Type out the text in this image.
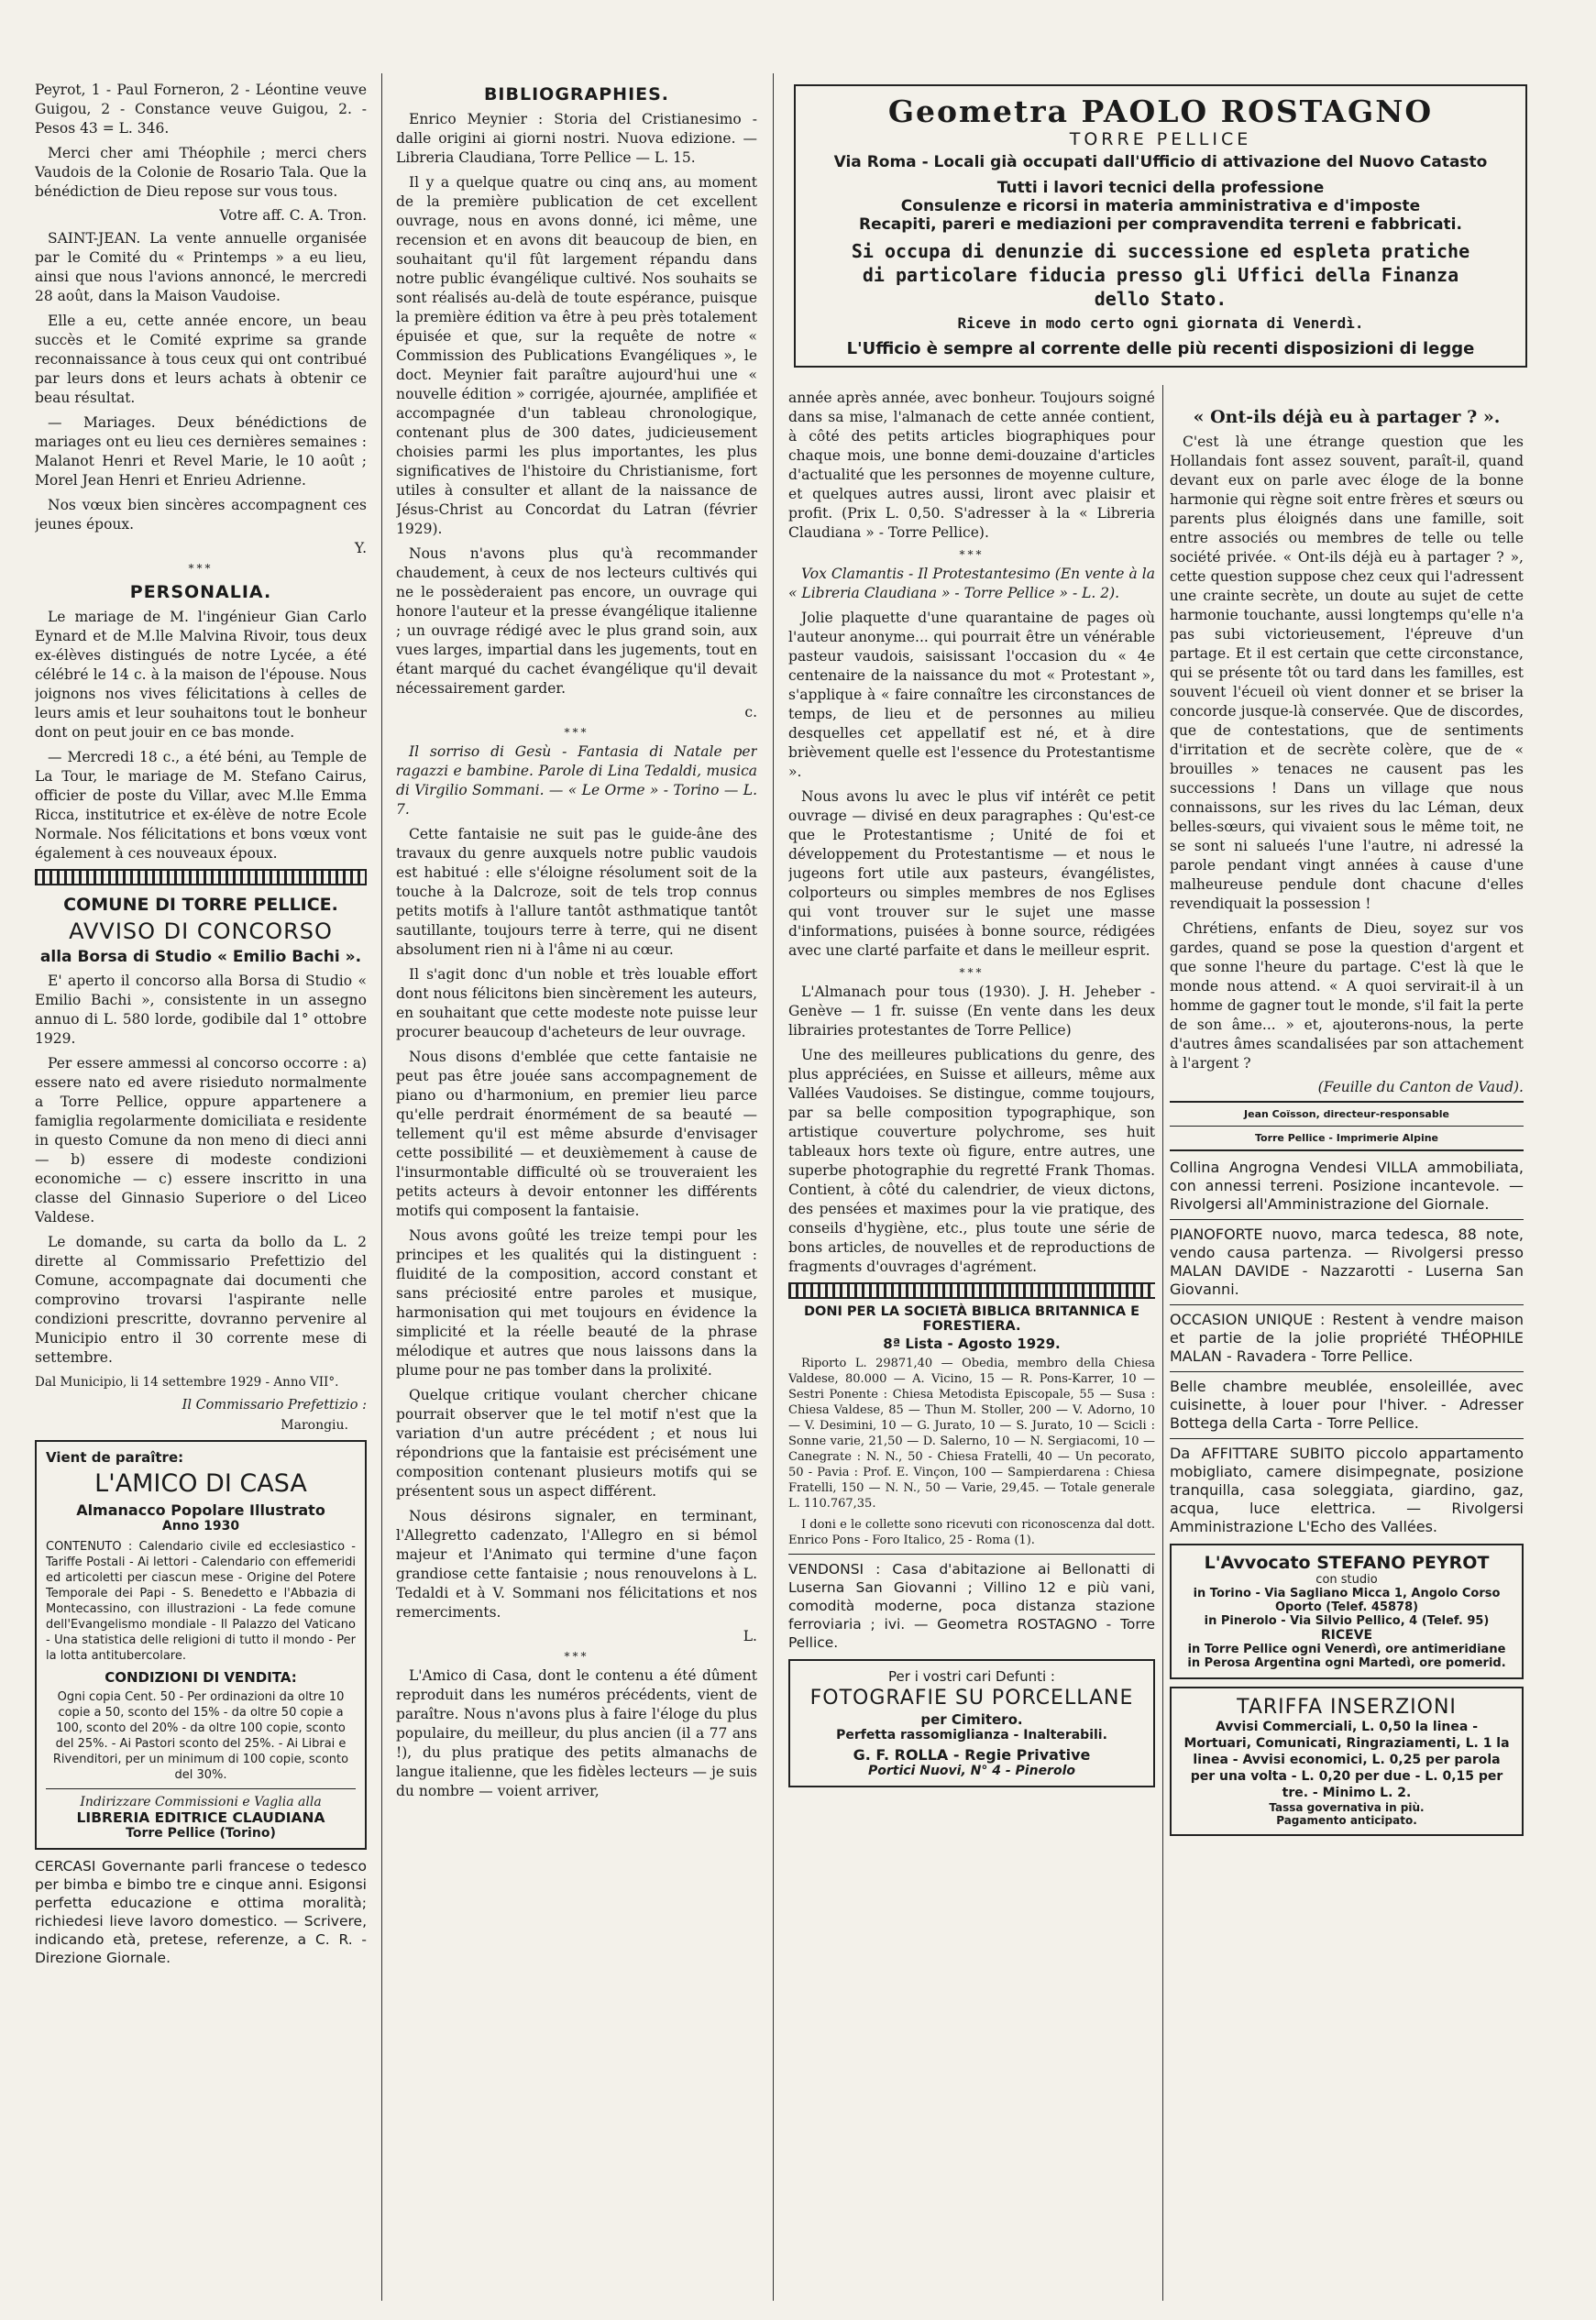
Peyrot, 1 - Paul Forneron, 2 - Léontine veuve Guigou, 2 - Constance veuve Guigou, 2. - Pesos 43 = L. 346.

Merci cher ami Théophile ; merci chers Vaudois de la Colonie de Rosario Tala. Que la bénédiction de Dieu repose sur vous tous.

Votre aff. C. A. Tron.

SAINT-JEAN. La vente annuelle organisée par le Comité du « Printemps » a eu lieu, ainsi que nous l'avions annoncé, le mercredi 28 août, dans la Maison Vaudoise.

Elle a eu, cette année encore, un beau succès et le Comité exprime sa grande reconnaissance à tous ceux qui ont contribué par leurs dons et leurs achats à obtenir ce beau résultat.

— Mariages. Deux bénédictions de mariages ont eu lieu ces dernières semaines : Malanot Henri et Revel Marie, le 10 août ; Morel Jean Henri et Enrieu Adrienne.

Nos vœux bien sincères accompagnent ces jeunes époux.

Y.
***
PERSONALIA.

Le mariage de M. l'ingénieur Gian Carlo Eynard et de M.lle Malvina Rivoir, tous deux ex-élèves distingués de notre Lycée, a été célébré le 14 c. à la maison de l'épouse. Nous joignons nos vives félicitations à celles de leurs amis et leur souhaitons tout le bonheur dont on peut jouir en ce bas monde.

— Mercredi 18 c., a été béni, au Temple de La Tour, le mariage de M. Stefano Cairus, officier de poste du Villar, avec M.lle Emma Ricca, institutrice et ex-élève de notre Ecole Normale. Nos félicitations et bons vœux vont également à ces nouveaux époux.

COMUNE DI TORRE PELLICE.
AVVISO DI CONCORSO
alla Borsa di Studio « Emilio Bachi ».

E' aperto il concorso alla Borsa di Studio « Emilio Bachi », consistente in un assegno annuo di L. 580 lorde, godibile dal 1° ottobre 1929.

Per essere ammessi al concorso occorre : a) essere nato ed avere risieduto normalmente a Torre Pellice, oppure appartenere a famiglia regolarmente domiciliata e residente in questo Comune da non meno di dieci anni — b) essere di modeste condizioni economiche — c) essere inscritto in una classe del Ginnasio Superiore o del Liceo Valdese.

Le domande, su carta da bollo da L. 2 dirette al Commissario Prefettizio del Comune, accompagnate dai documenti che comprovino trovarsi l'aspirante nelle condizioni prescritte, dovranno pervenire al Municipio entro il 30 corrente mese di settembre.

Dal Municipio, li 14 settembre 1929 - Anno VII°.

Il Commissario Prefettizio :
Marongiu.
Vient de paraître:
L'AMICO DI CASA
Almanacco Popolare Illustrato
Anno 1930

CONTENUTO : Calendario civile ed ecclesiastico - Tariffe Postali - Ai lettori - Calendario con effemeridi ed articoletti per ciascun mese - Origine del Potere Temporale dei Papi - S. Benedetto e l'Abbazia di Montecassino, con illustrazioni - La fede comune dell'Evangelismo mondiale - Il Palazzo del Vaticano - Una statistica delle religioni di tutto il mondo - Per la lotta antitubercolare.

CONDIZIONI DI VENDITA:

Ogni copia Cent. 50 - Per ordinazioni da oltre 10 copie a 50, sconto del 15% - da oltre 50 copie a 100, sconto del 20% - da oltre 100 copie, sconto del 25%. - Ai Pastori sconto del 25%. - Ai Librai e Rivenditori, per un minimum di 100 copie, sconto del 30%.

Indirizzare Commissioni e Vaglia alla
LIBRERIA EDITRICE CLAUDIANA
Torre Pellice (Torino)

CERCASI Governante parli francese o tedesco per bimba e bimbo tre e cinque anni. Esigonsi perfetta educazione e ottima moralità; richiedesi lieve lavoro domestico. — Scrivere, indicando età, pretese, referenze, a C. R. - Direzione Giornale.

BIBLIOGRAPHIES.

Enrico Meynier : Storia del Cristianesimo - dalle origini ai giorni nostri. Nuova edizione. — Libreria Claudiana, Torre Pellice — L. 15.

Il y a quelque quatre ou cinq ans, au moment de la première publication de cet excellent ouvrage, nous en avons donné, ici même, une recension et en avons dit beaucoup de bien, en souhaitant qu'il fût largement répandu dans notre public évangélique cultivé. Nos souhaits se sont réalisés au-delà de toute espérance, puisque la première édition va être à peu près totalement épuisée et que, sur la requête de notre « Commission des Publications Evangéliques », le doct. Meynier fait paraître aujourd'hui une « nouvelle édition » corrigée, ajournée, amplifiée et accompagnée d'un tableau chronologique, contenant plus de 300 dates, judicieusement choisies parmi les plus importantes, les plus significatives de l'histoire du Christianisme, fort utiles à consulter et allant de la naissance de Jésus-Christ au Concordat du Latran (février 1929).

Nous n'avons plus qu'à recommander chaudement, à ceux de nos lecteurs cultivés qui ne le possèderaient pas encore, un ouvrage qui honore l'auteur et la presse évangélique italienne ; un ouvrage rédigé avec le plus grand soin, aux vues larges, impartial dans les jugements, tout en étant marqué du cachet évangélique qu'il devait nécessairement garder.

c.
***

Il sorriso di Gesù - Fantasia di Natale per ragazzi e bambine. Parole di Lina Tedaldi, musica di Virgilio Sommani. — « Le Orme » - Torino — L. 7.

Cette fantaisie ne suit pas le guide-âne des travaux du genre auxquels notre public vaudois est habitué : elle s'éloigne résolument soit de la touche à la Dalcroze, soit de tels trop connus petits motifs à l'allure tantôt asthmatique tantôt sautillante, toujours terre à terre, qui ne disent absolument rien ni à l'âme ni au cœur.

Il s'agit donc d'un noble et très louable effort dont nous félicitons bien sincèrement les auteurs, en souhaitant que cette modeste note puisse leur procurer beaucoup d'acheteurs de leur ouvrage.

Nous disons d'emblée que cette fantaisie ne peut pas être jouée sans accompagnement de piano ou d'harmonium, en premier lieu parce qu'elle perdrait énormément de sa beauté — tellement qu'il est même absurde d'envisager cette possibilité — et deuxièmement à cause de l'insurmontable difficulté où se trouveraient les petits acteurs à devoir entonner les différents motifs qui composent la fantaisie.

Nous avons goûté les treize tempi pour les principes et les qualités qui la distinguent : fluidité de la composition, accord constant et sans préciosité entre paroles et musique, harmonisation qui met toujours en évidence la simplicité et la réelle beauté de la phrase mélodique et autres que nous laissons dans la plume pour ne pas tomber dans la prolixité.

Quelque critique voulant chercher chicane pourrait observer que le tel motif n'est que la variation d'un autre précédent ; et nous lui répondrions que la fantaisie est précisément une composition contenant plusieurs motifs qui se présentent sous un aspect différent.

Nous désirons signaler, en terminant, l'Allegretto cadenzato, l'Allegro en si bémol majeur et l'Animato qui termine d'une façon grandiose cette fantaisie ; nous renouvelons à L. Tedaldi et à V. Sommani nos félicitations et nos remerciments.

L.
***

L'Amico di Casa, dont le contenu a été dûment reproduit dans les numéros précédents, vient de paraître. Nous n'avons plus à faire l'éloge du plus populaire, du meilleur, du plus ancien (il a 77 ans !), du plus pratique des petits almanachs de langue italienne, que les fidèles lecteurs — je suis du nombre — voient arriver,

Geometra PAOLO ROSTAGNO
TORRE PELLICE
Via Roma - Locali già occupati dall'Ufficio di attivazione del Nuovo Catasto
Tutti i lavori tecnici della professione
Consulenze e ricorsi in materia amministrativa e d'imposte
Recapiti, pareri e mediazioni per compravendita terreni e fabbricati.
Si occupa di denunzie di successione ed espleta pratiche di particolare fiducia presso gli Uffici della Finanza dello Stato.
Riceve in modo certo ogni giornata di Venerdì.
L'Ufficio è sempre al corrente delle più recenti disposizioni di legge

année après année, avec bonheur. Toujours soigné dans sa mise, l'almanach de cette année contient, à côté des petits articles biographiques pour chaque mois, une bonne demi-douzaine d'articles d'actualité que les personnes de moyenne culture, et quelques autres aussi, liront avec plaisir et profit. (Prix L. 0,50. S'adresser à la « Libreria Claudiana » - Torre Pellice).

***

Vox Clamantis - Il Protestantesimo (En vente à la « Libreria Claudiana » - Torre Pellice » - L. 2).

Jolie plaquette d'une quarantaine de pages où l'auteur anonyme... qui pourrait être un vénérable pasteur vaudois, saisissant l'occasion du « 4e centenaire de la naissance du mot « Protestant », s'applique à « faire connaître les circonstances de temps, de lieu et de personnes au milieu desquelles cet appellatif est né, et à dire brièvement quelle est l'essence du Protestantisme ».

Nous avons lu avec le plus vif intérêt ce petit ouvrage — divisé en deux paragraphes : Qu'est-ce que le Protestantisme ; Unité de foi et développement du Protestantisme — et nous le jugeons fort utile aux pasteurs, évangélistes, colporteurs ou simples membres de nos Eglises qui vont trouver sur le sujet une masse d'informations, puisées à bonne source, rédigées avec une clarté parfaite et dans le meilleur esprit.

***

L'Almanach pour tous (1930). J. H. Jeheber - Genève — 1 fr. suisse (En vente dans les deux librairies protestantes de Torre Pellice)

Une des meilleures publications du genre, des plus appréciées, en Suisse et ailleurs, même aux Vallées Vaudoises. Se distingue, comme toujours, par sa belle composition typographique, son artistique couverture polychrome, ses huit tableaux hors texte où figure, entre autres, une superbe photographie du regretté Frank Thomas. Contient, à côté du calendrier, de vieux dictons, des pensées et maximes pour la vie pratique, des conseils d'hygiène, etc., plus toute une série de bons articles, de nouvelles et de reproductions de fragments d'ouvrages d'agrément.

DONI PER LA SOCIETÀ BIBLICA BRITANNICA E FORESTIERA.
8ª Lista - Agosto 1929.

Riporto L. 29871,40 — Obedia, membro della Chiesa Valdese, 80.000 — A. Vicino, 15 — R. Pons-Karrer, 10 — Sestri Ponente : Chiesa Metodista Episcopale, 55 — Susa : Chiesa Valdese, 85 — Thun M. Stoller, 200 — V. Adorno, 10 — V. Desimini, 10 — G. Jurato, 10 — S. Jurato, 10 — Scicli : Sonne varie, 21,50 — D. Salerno, 10 — N. Sergiacomi, 10 — Canegrate : N. N., 50 - Chiesa Fratelli, 40 — Un pecorato, 50 - Pavia : Prof. E. Vinçon, 100 — Sampierdarena : Chiesa Fratelli, 150 — N. N., 50 — Varie, 29,45. — Totale generale L. 110.767,35.

I doni e le collette sono ricevuti con riconoscenza dal dott. Enrico Pons - Foro Italico, 25 - Roma (1).

VENDONSI : Casa d'abitazione ai Bellonatti di Luserna San Giovanni ; Villino 12 e più vani, comodità moderne, poca distanza stazione ferroviaria ; ivi. — Geometra ROSTAGNO - Torre Pellice.

Per i vostri cari Defunti :
FOTOGRAFIE SU PORCELLANE
per Cimitero.
Perfetta rassomiglianza - Inalterabili.
G. F. ROLLA - Regie Privative
Portici Nuovi, N° 4 - Pinerolo
« Ont-ils déjà eu à partager ? ».

C'est là une étrange question que les Hollandais font assez souvent, paraît-il, quand devant eux on parle avec éloge de la bonne harmonie qui règne soit entre frères et sœurs ou parents plus éloignés dans une famille, soit entre associés ou membres de telle ou telle société privée. « Ont-ils déjà eu à partager ? », cette question suppose chez ceux qui l'adressent une crainte secrète, un doute au sujet de cette harmonie touchante, aussi longtemps qu'elle n'a pas subi victorieusement, l'épreuve d'un partage. Et il est certain que cette circonstance, qui se présente tôt ou tard dans les familles, est souvent l'écueil où vient donner et se briser la concorde jusque-là conservée. Que de discordes, que de contestations, que de sentiments d'irritation et de secrète colère, que de « brouilles » tenaces ne causent pas les successions ! Dans un village que nous connaissons, sur les rives du lac Léman, deux belles-sœurs, qui vivaient sous le même toit, ne se sont ni salueés l'une l'autre, ni adressé la parole pendant vingt années à cause d'une malheureuse pendule dont chacune d'elles revendiquait la possession !

Chrétiens, enfants de Dieu, soyez sur vos gardes, quand se pose la question d'argent et que sonne l'heure du partage. C'est là que le monde nous attend. « A quoi servirait-il à un homme de gagner tout le monde, s'il fait la perte de son âme... » et, ajouterons-nous, la perte d'autres âmes scandalisées par son attachement à l'argent ?

(Feuille du Canton de Vaud).
Jean Coïsson, directeur-responsable
Torre Pellice - Imprimerie Alpine

Collina Angrogna Vendesi VILLA ammobiliata, con annessi terreni. Posizione incantevole. — Rivolgersi all'Amministrazione del Giornale.

PIANOFORTE nuovo, marca tedesca, 88 note, vendo causa partenza. — Rivolgersi presso MALAN DAVIDE - Nazzarotti - Luserna San Giovanni.

OCCASION UNIQUE : Restent à vendre maison et partie de la jolie propriété THÉOPHILE MALAN - Ravadera - Torre Pellice.

Belle chambre meublée, ensoleillée, avec cuisinette, à louer pour l'hiver. - Adresser Bottega della Carta - Torre Pellice.

Da AFFITTARE SUBITO piccolo appartamento mobigliato, camere disimpegnate, posizione tranquilla, casa soleggiata, giardino, gaz, acqua, luce elettrica. — Rivolgersi Amministrazione L'Echo des Vallées.

L'Avvocato STEFANO PEYROT
con studio
in Torino - Via Sagliano Micca 1, Angolo Corso Oporto (Telef. 45878)
in Pinerolo - Via Silvio Pellico, 4 (Telef. 95)
RICEVE
in Torre Pellice ogni Venerdì, ore antimeridiane in Perosa Argentina ogni Martedì, ore pomerid.
TARIFFA INSERZIONI
Avvisi Commerciali, L. 0,50 la linea - Mortuari, Comunicati, Ringraziamenti, L. 1 la linea - Avvisi economici, L. 0,25 per parola per una volta - L. 0,20 per due - L. 0,15 per tre. - Minimo L. 2.
Tassa governativa in più.
Pagamento anticipato.
